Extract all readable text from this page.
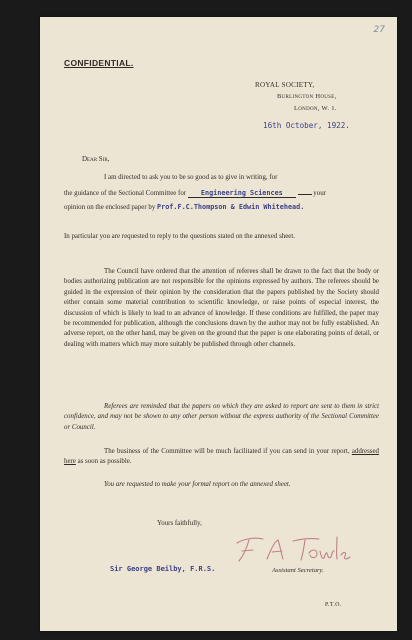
27
CONFIDENTIAL.
ROYAL SOCIETY,
Burlington House,
London, W. 1.
16th October, 1922.
Dear Sir,
I am directed to ask you to be so good as to give in writing, for
the guidance of the Sectional Committee for Engineering Sciences	your
opinion on the enclosed paper by Prof.F.C.Thompson & Edwin Whitehead.
In particular you are requested to reply to the questions stated on the annexed sheet.
The Council have ordered that the attention of referees shall be drawn to the fact that the body or bodies authorizing publication are not responsible for the opinions expressed by authors. The referees should be guided in the expression of their opinion by the consideration that the papers published by the Society should either contain some material contribution to scientific knowledge, or raise points of especial interest, the discussion of which is likely to lead to an advance of knowledge. If these conditions are fulfilled, the paper may be recommended for publication, although the conclusions drawn by the author may not be fully established. An adverse report, on the other hand, may be given on the ground that the paper is one elaborating points of detail, or dealing with matters which may more suitably be published through other channels.
Referees are reminded that the papers on which they are asked to report are sent to them in strict confidence, and may not be shown to any other person without the express authority of the Sectional Committee or Council.
The business of the Committee will be much facilitated if you can send in your report, addressed here as soon as possible.
You are requested to make your formal report on the annexed sheet.
Yours faithfully,
Sir George Beilby, F.R.S.	Assistant Secretary.
P.T.O.
